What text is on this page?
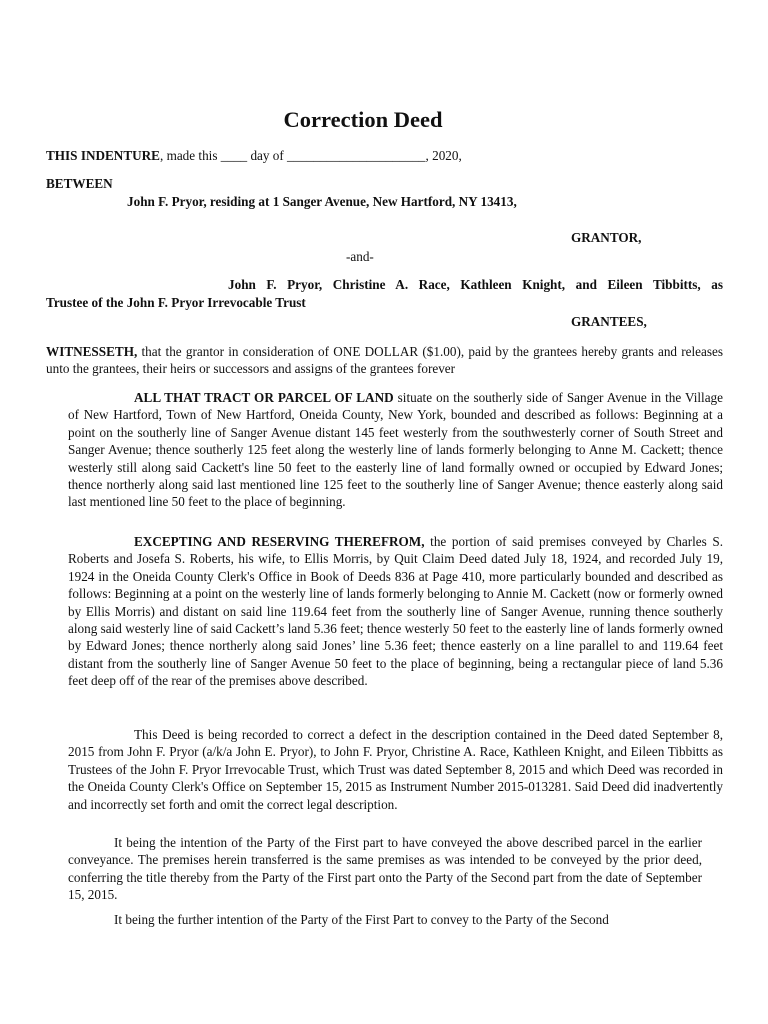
Correction Deed
THIS INDENTURE, made this ____ day of _____________________, 2020,
BETWEEN
John F. Pryor, residing at 1 Sanger Avenue, New Hartford, NY 13413,
GRANTOR,
-and-
John F. Pryor, Christine A. Race, Kathleen Knight, and Eileen Tibbitts, as
Trustee of the John F. Pryor Irrevocable Trust
GRANTEES,
WITNESSETH, that the grantor in consideration of ONE DOLLAR ($1.00), paid by the grantees hereby grants and releases unto the grantees, their heirs or successors and assigns of the grantees forever

ALL THAT TRACT OR PARCEL OF LAND situate on the southerly side of Sanger Avenue in the Village of New Hartford, Town of New Hartford, Oneida County, New York, bounded and described as follows: Beginning at a point on the southerly line of Sanger Avenue distant 145 feet westerly from the southwesterly corner of South Street and Sanger Avenue; thence southerly 125 feet along the westerly line of lands formerly belonging to Anne M. Cackett; thence westerly still along said Cackett's line 50 feet to the easterly line of land formally owned or occupied by Edward Jones; thence northerly along said last mentioned line 125 feet to the southerly line of Sanger Avenue; thence easterly along said last mentioned line 50 feet to the place of beginning.

EXCEPTING AND RESERVING THEREFROM, the portion of said premises conveyed by Charles S. Roberts and Josefa S. Roberts, his wife, to Ellis Morris, by Quit Claim Deed dated July 18, 1924, and recorded July 19, 1924 in the Oneida County Clerk's Office in Book of Deeds 836 at Page 410, more particularly bounded and described as follows: Beginning at a point on the westerly line of lands formerly belonging to Annie M. Cackett (now or formerly owned by Ellis Morris) and distant on said line 119.64 feet from the southerly line of Sanger Avenue, running thence southerly along said westerly line of said Cackett’s land 5.36 feet; thence westerly 50 feet to the easterly line of lands formerly owned by Edward Jones; thence northerly along said Jones’ line 5.36 feet; thence easterly on a line parallel to and 119.64 feet distant from the southerly line of Sanger Avenue 50 feet to the place of beginning, being a rectangular piece of land 5.36 feet deep off of the rear of the premises above described.

This Deed is being recorded to correct a defect in the description contained in the Deed dated September 8, 2015 from John F. Pryor (a/k/a John E. Pryor), to John F. Pryor, Christine A. Race, Kathleen Knight, and Eileen Tibbitts as Trustees of the John F. Pryor Irrevocable Trust, which Trust was dated September 8, 2015 and which Deed was recorded in the Oneida County Clerk's Office on September 15, 2015 as Instrument Number 2015-013281. Said Deed did inadvertently and incorrectly set forth and omit the correct legal description.

It being the intention of the Party of the First part to have conveyed the above described parcel in the earlier conveyance. The premises herein transferred is the same premises as was intended to be conveyed by the prior deed, conferring the title thereby from the Party of the First part onto the Party of the Second part from the date of September 15, 2015.

It being the further intention of the Party of the First Part to convey to the Party of the Second
